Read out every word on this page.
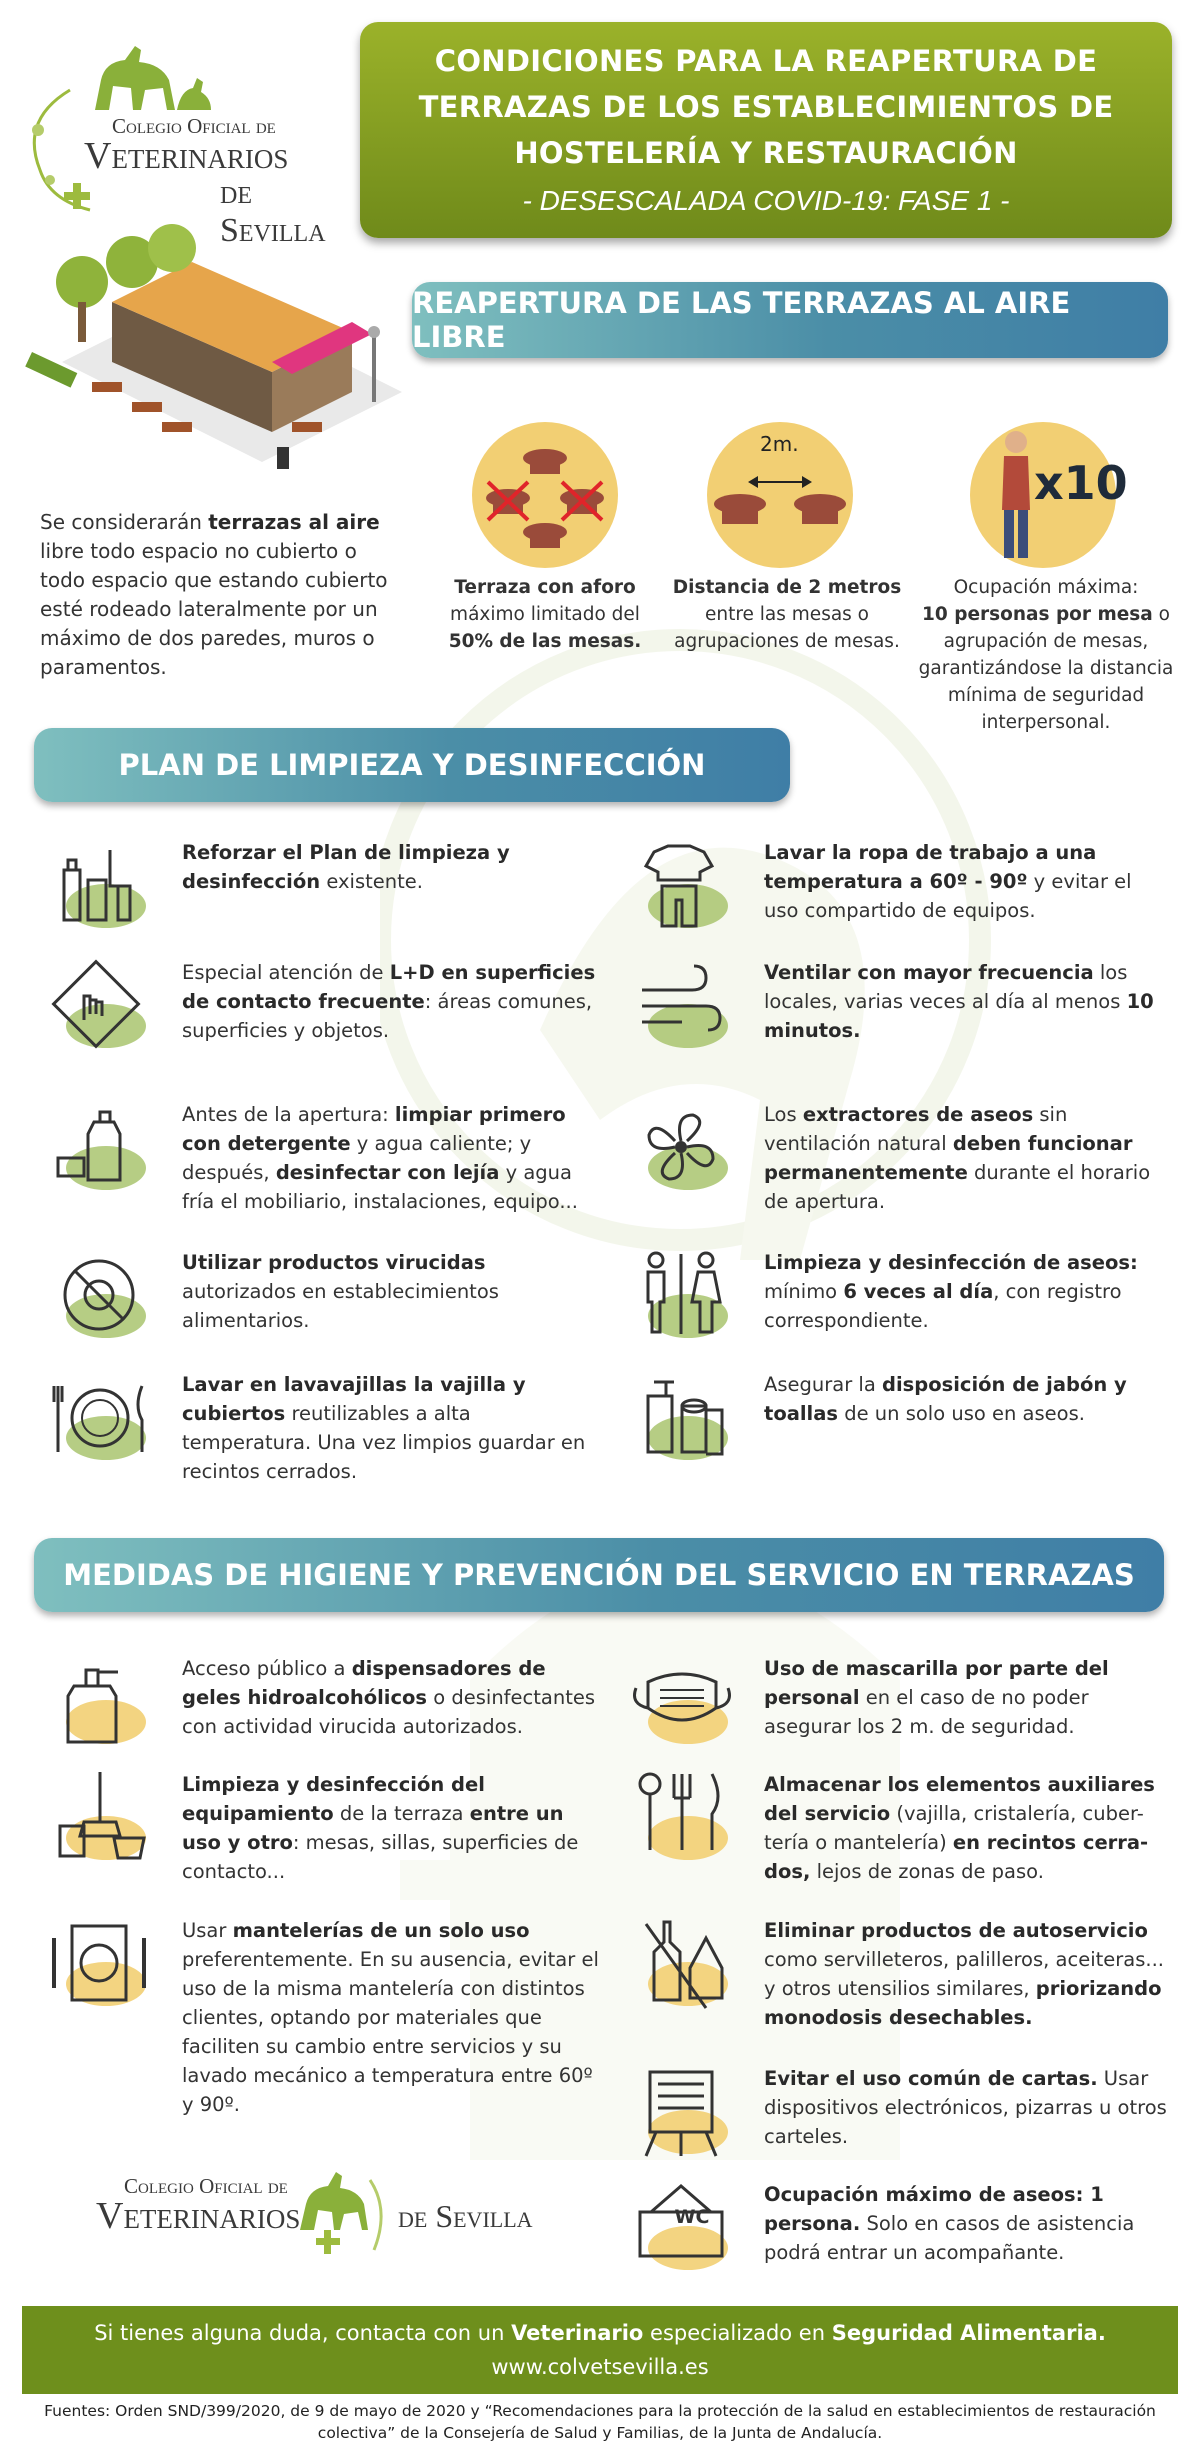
Colegio Oficial de
Veterinarios
de Sevilla
CONDICIONES PARA LA REAPERTURA DE
TERRAZAS DE LOS ESTABLECIMIENTOS DE
HOSTELERÍA Y RESTAURACIÓN
- DESESCALADA COVID-19: FASE 1 -
REAPERTURA DE LAS TERRAZAS AL AIRE LIBRE
Se considerarán terrazas al aire libre todo espacio no cubierto o todo espacio que estando cubierto esté rodeado lateralmente por un máximo de dos paredes, muros o paramentos.
Terraza con aforo
máximo limitado del
50% de las mesas.
2m.
Distancia de 2 metros
entre las mesas o agrupaciones de mesas.
x10
Ocupación máxima:
10 personas por mesa o agrupación de mesas, garantizándose la distancia mínima de seguridad interpersonal.
PLAN DE LIMPIEZA Y DESINFECCIÓN
Reforzar el Plan de limpieza y desinfección existente.
Especial atención de L+D en superficies de contacto frecuente: áreas comunes, superficies y objetos.
Antes de la apertura: limpiar primero con detergente y agua caliente; y después, desinfectar con lejía y agua fría el mobiliario, instalaciones, equipo...
Utilizar productos virucidas autorizados en establecimientos alimentarios.
Lavar en lavavajillas la vajilla y cubiertos reutilizables a alta temperatura. Una vez limpios guardar en recintos cerrados.
Lavar la ropa de trabajo a una temperatura a 60º - 90º y evitar el uso compartido de equipos.
Ventilar con mayor frecuencia los locales, varias veces al día al menos 10 minutos.
Los extractores de aseos sin ventilación natural deben funcionar permanentemente durante el horario de apertura.
Limpieza y desinfección de aseos: mínimo 6 veces al día, con registro correspondiente.
Asegurar la disposición de jabón y toallas de un solo uso en aseos.
MEDIDAS DE HIGIENE Y PREVENCIÓN DEL SERVICIO EN TERRAZAS
Acceso público a dispensadores de geles hidroalcohólicos o desinfectantes con actividad virucida autorizados.
Limpieza y desinfección del equipamiento de la terraza entre un uso y otro: mesas, sillas, superficies de contacto...
Usar mantelerías de un solo uso preferentemente. En su ausencia, evitar el uso de la misma mantelería con distintos clientes, optando por materiales que faciliten su cambio entre servicios y su lavado mecánico a temperatura entre 60º y 90º.
Uso de mascarilla por parte del personal en el caso de no poder asegurar los 2 m. de seguridad.
Almacenar los elementos auxiliares del servicio (vajilla, cristalería, cuber-tería o mantelería) en recintos cerra-dos, lejos de zonas de paso.
Eliminar productos de autoservicio como servilleteros, palilleros, aceiteras... y otros utensilios similares, priorizando monodosis desechables.
Evitar el uso común de cartas. Usar dispositivos electrónicos, pizarras u otros carteles.
Ocupación máximo de aseos: 1 persona. Solo en casos de asistencia podrá entrar un acompañante.
Colegio Oficial de
Veterinarios	de Sevilla	WC
Si tienes alguna duda, contacta con un Veterinario especializado en Seguridad Alimentaria.
www.colvetsevilla.es
Fuentes: Orden SND/399/2020, de 9 de mayo de 2020 y “Recomendaciones para la protección de la salud en establecimientos de restauración colectiva” de la Consejería de Salud y Familias, de la Junta de Andalucía.
